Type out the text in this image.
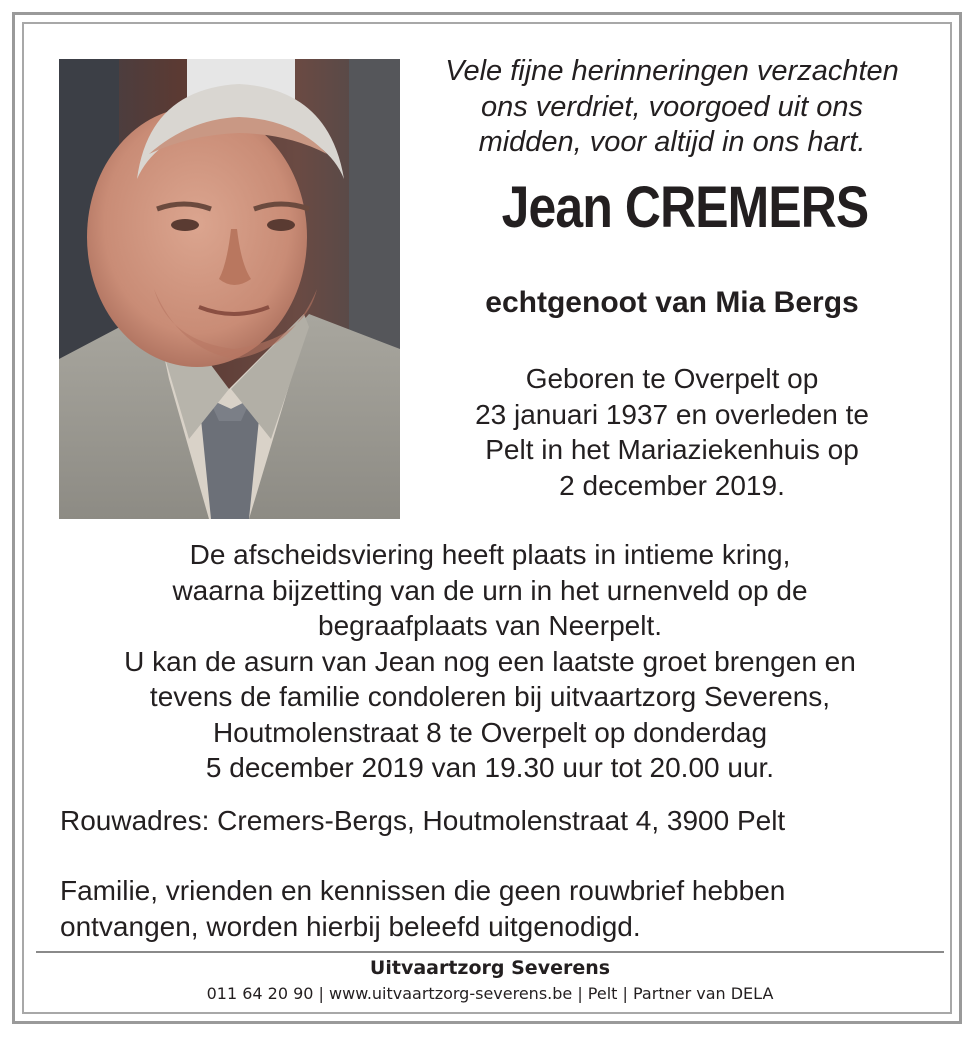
Vele fijne herinneringen verzachten
ons verdriet, voorgoed uit ons
midden, voor altijd in ons hart.
Jean CREMERS
echtgenoot van Mia Bergs
Geboren te Overpelt op
23 januari 1937 en overleden te
Pelt in het Mariaziekenhuis op
2 december 2019.
De afscheidsviering heeft plaats in intieme kring,
waarna bijzetting van de urn in het urnenveld op de
begraafplaats van Neerpelt.
U kan de asurn van Jean nog een laatste groet brengen en
tevens de familie condoleren bij uitvaartzorg Severens,
Houtmolenstraat 8 te Overpelt op donderdag
5 december 2019 van 19.30 uur tot 20.00 uur.
Rouwadres: Cremers-Bergs, Houtmolenstraat 4, 3900 Pelt
Familie, vrienden en kennissen die geen rouwbrief hebben
ontvangen, worden hierbij beleefd uitgenodigd.
Uitvaartzorg Severens
011 64 20 90 | www.uitvaartzorg-severens.be | Pelt | Partner van DELA
